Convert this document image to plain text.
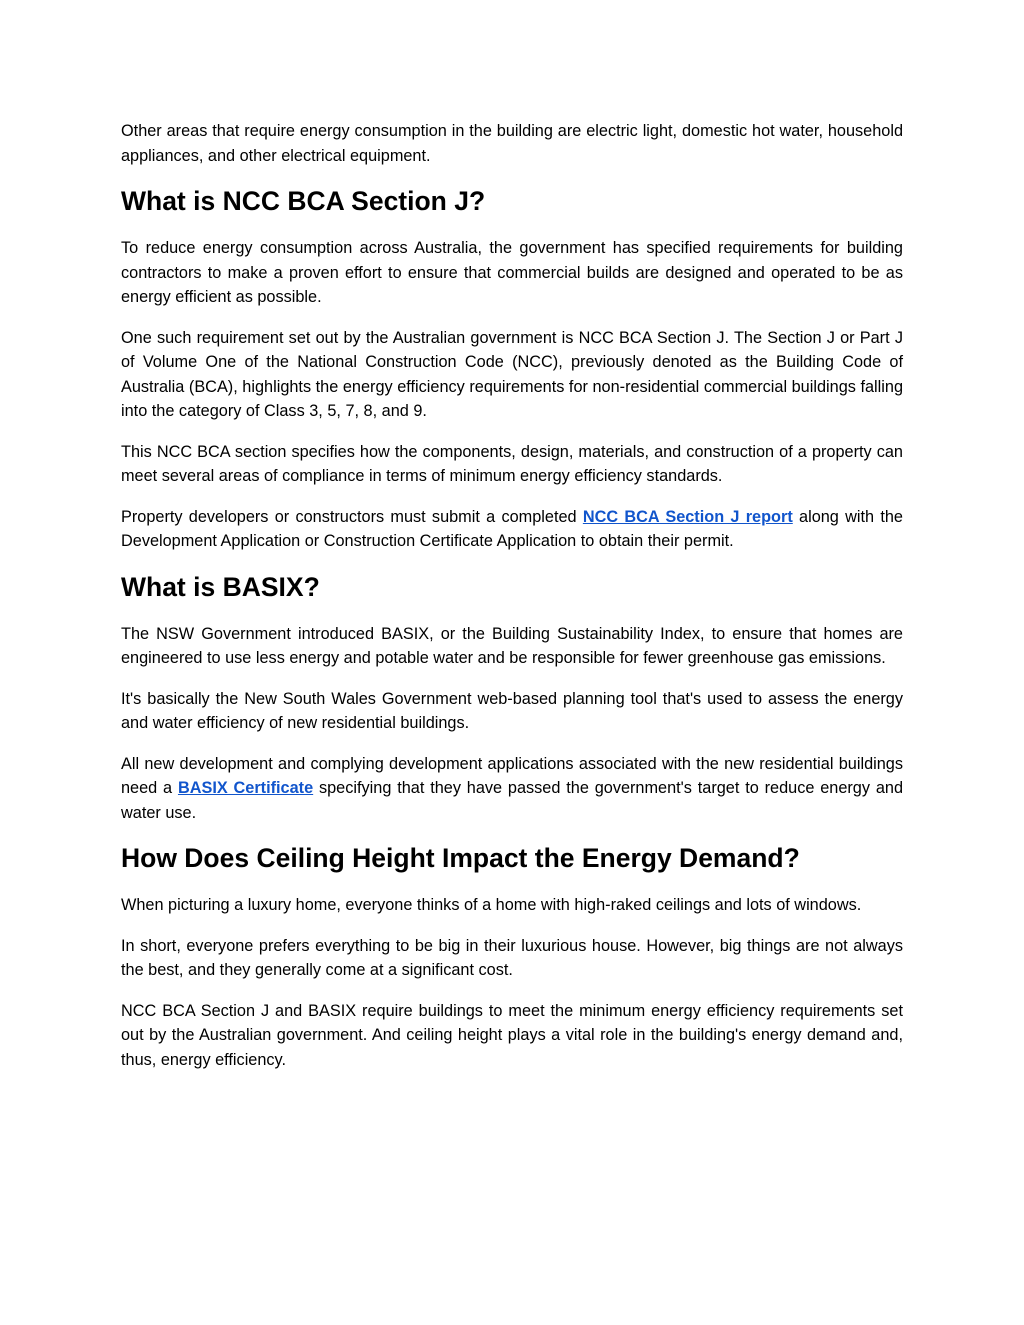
Other areas that require energy consumption in the building are electric light, domestic hot water, household appliances, and other electrical equipment.

What is NCC BCA Section J?

To reduce energy consumption across Australia, the government has specified requirements for building contractors to make a proven effort to ensure that commercial builds are designed and operated to be as energy efficient as possible.

One such requirement set out by the Australian government is NCC BCA Section J. The Section J or Part J of Volume One of the National Construction Code (NCC), previously denoted as the Building Code of Australia (BCA), highlights the energy efficiency requirements for non-residential commercial buildings falling into the category of Class 3, 5, 7, 8, and 9.

This NCC BCA section specifies how the components, design, materials, and construction of a property can meet several areas of compliance in terms of minimum energy efficiency standards.

Property developers or constructors must submit a completed NCC BCA Section J report along with the Development Application or Construction Certificate Application to obtain their permit.

What is BASIX?

The NSW Government introduced BASIX, or the Building Sustainability Index, to ensure that homes are engineered to use less energy and potable water and be responsible for fewer greenhouse gas emissions.

It's basically the New South Wales Government web-based planning tool that's used to assess the energy and water efficiency of new residential buildings.

All new development and complying development applications associated with the new residential buildings need a BASIX Certificate specifying that they have passed the government's target to reduce energy and water use.

How Does Ceiling Height Impact the Energy Demand?

When picturing a luxury home, everyone thinks of a home with high-raked ceilings and lots of windows.

In short, everyone prefers everything to be big in their luxurious house. However, big things are not always the best, and they generally come at a significant cost.

NCC BCA Section J and BASIX require buildings to meet the minimum energy efficiency requirements set out by the Australian government. And ceiling height plays a vital role in the building's energy demand and, thus, energy efficiency.
